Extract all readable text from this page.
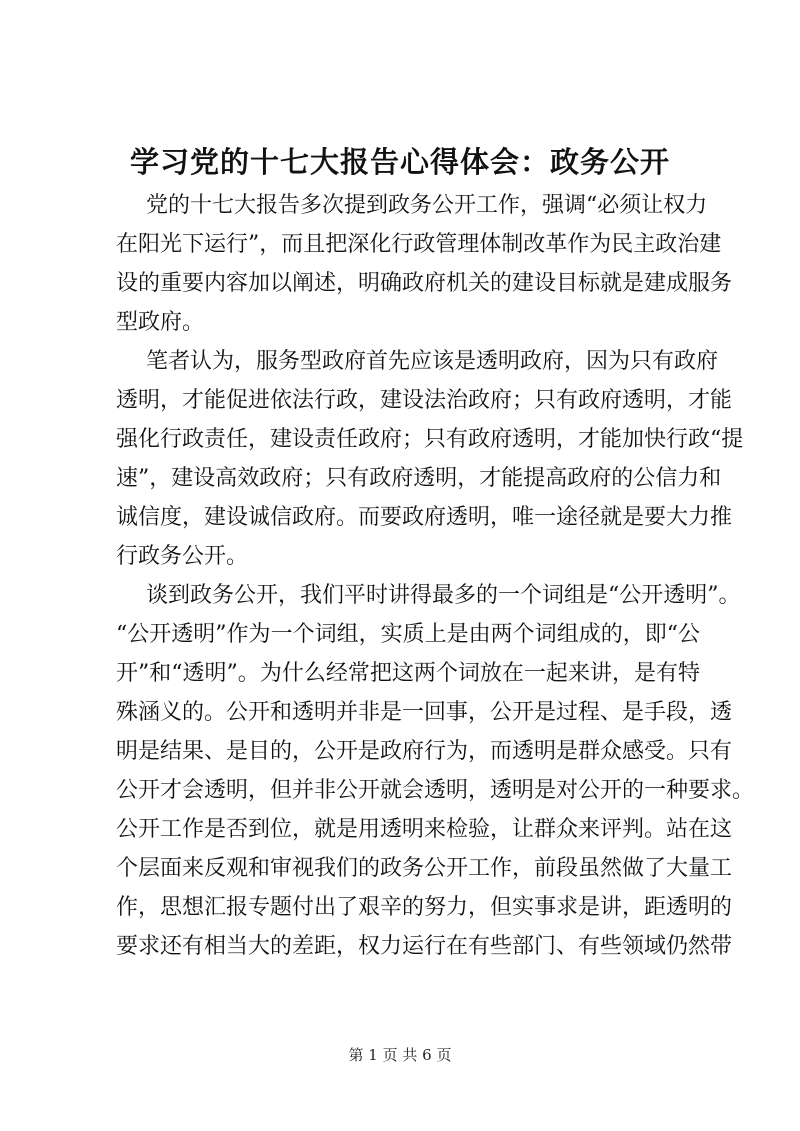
学习党的十七大报告心得体会：政务公开
党的十七大报告多次提到政务公开工作，强调“必须让权力
在阳光下运行”，而且把深化行政管理体制改革作为民主政治建
设的重要内容加以阐述，明确政府机关的建设目标就是建成服务
型政府。
笔者认为，服务型政府首先应该是透明政府，因为只有政府
透明，才能促进依法行政，建设法治政府；只有政府透明，才能
强化行政责任，建设责任政府；只有政府透明，才能加快行政“提
速”，建设高效政府；只有政府透明，才能提高政府的公信力和
诚信度，建设诚信政府。而要政府透明，唯一途径就是要大力推
行政务公开。
谈到政务公开，我们平时讲得最多的一个词组是“公开透明”。
“公开透明”作为一个词组，实质上是由两个词组成的，即“公
开”和“透明”。为什么经常把这两个词放在一起来讲，是有特
殊涵义的。公开和透明并非是一回事，公开是过程、是手段，透
明是结果、是目的，公开是政府行为，而透明是群众感受。只有
公开才会透明，但并非公开就会透明，透明是对公开的一种要求。
公开工作是否到位，就是用透明来检验，让群众来评判。站在这
个层面来反观和审视我们的政务公开工作，前段虽然做了大量工
作，思想汇报专题付出了艰辛的努力，但实事求是讲，距透明的
要求还有相当大的差距，权力运行在有些部门、有些领域仍然带
第 1 页 共 6 页
